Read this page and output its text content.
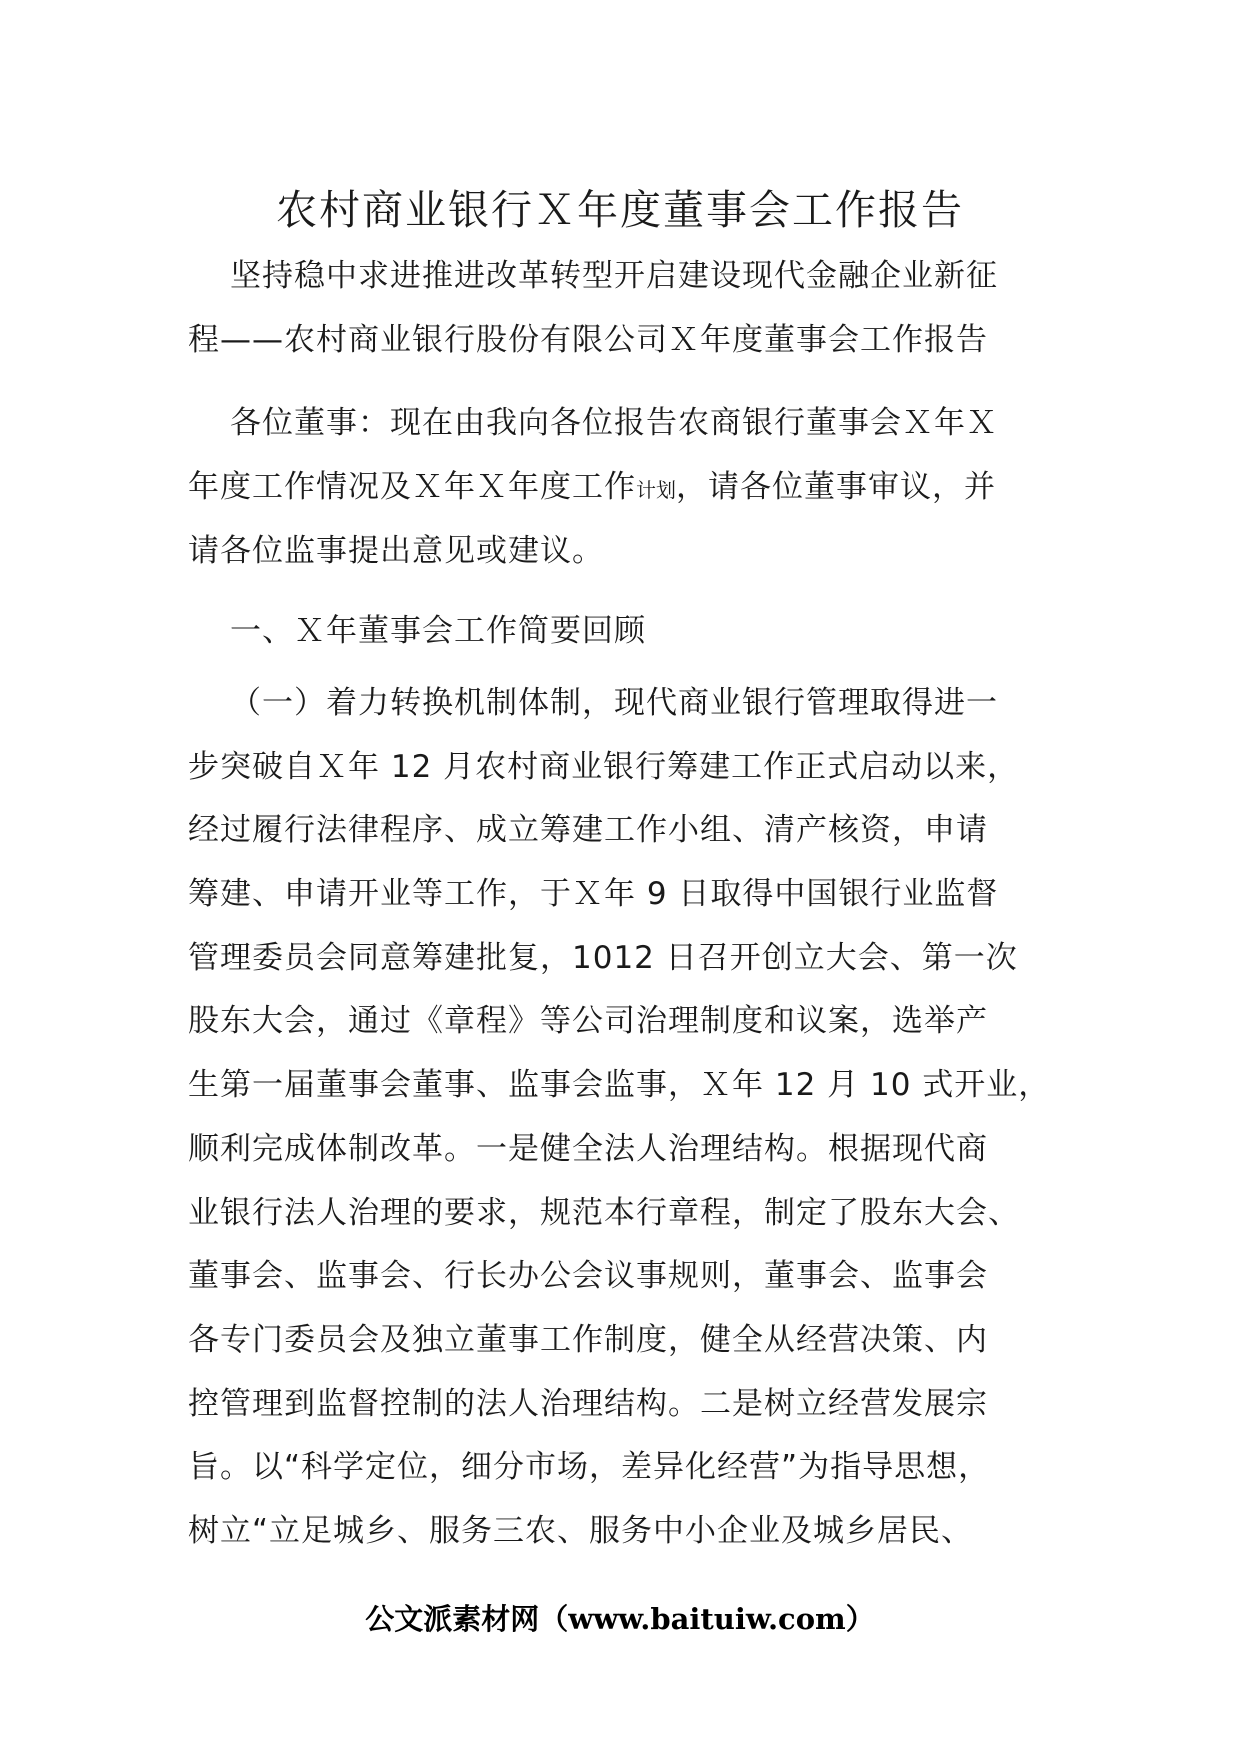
农村商业银行Ｘ年度董事会工作报告

坚持稳中求进推进改革转型开启建设现代金融企业新征
程——农村商业银行股份有限公司Ｘ年度董事会工作报告

各位董事：现在由我向各位报告农商银行董事会Ｘ年Ｘ
年度工作情况及Ｘ年Ｘ年度工作计划，请各位董事审议，并
请各位监事提出意见或建议。

一、Ｘ年董事会工作简要回顾

（一）着力转换机制体制，现代商业银行管理取得进一
步突破自Ｘ年 12 月农村商业银行筹建工作正式启动以来，
经过履行法律程序、成立筹建工作小组、清产核资，申请
筹建、申请开业等工作，于Ｘ年 9 日取得中国银行业监督
管理委员会同意筹建批复，1012 日召开创立大会、第一次
股东大会，通过《章程》等公司治理制度和议案，选举产
生第一届董事会董事、监事会监事，Ｘ年 12 月 10 式开业，
顺利完成体制改革。一是健全法人治理结构。根据现代商
业银行法人治理的要求，规范本行章程，制定了股东大会、
董事会、监事会、行长办公会议事规则，董事会、监事会
各专门委员会及独立董事工作制度，健全从经营决策、内
控管理到监督控制的法人治理结构。二是树立经营发展宗
旨。以“科学定位，细分市场，差异化经营”为指导思想，
树立“立足城乡、服务三农、服务中小企业及城乡居民、

公文派素材网（www.baituiw.com）
